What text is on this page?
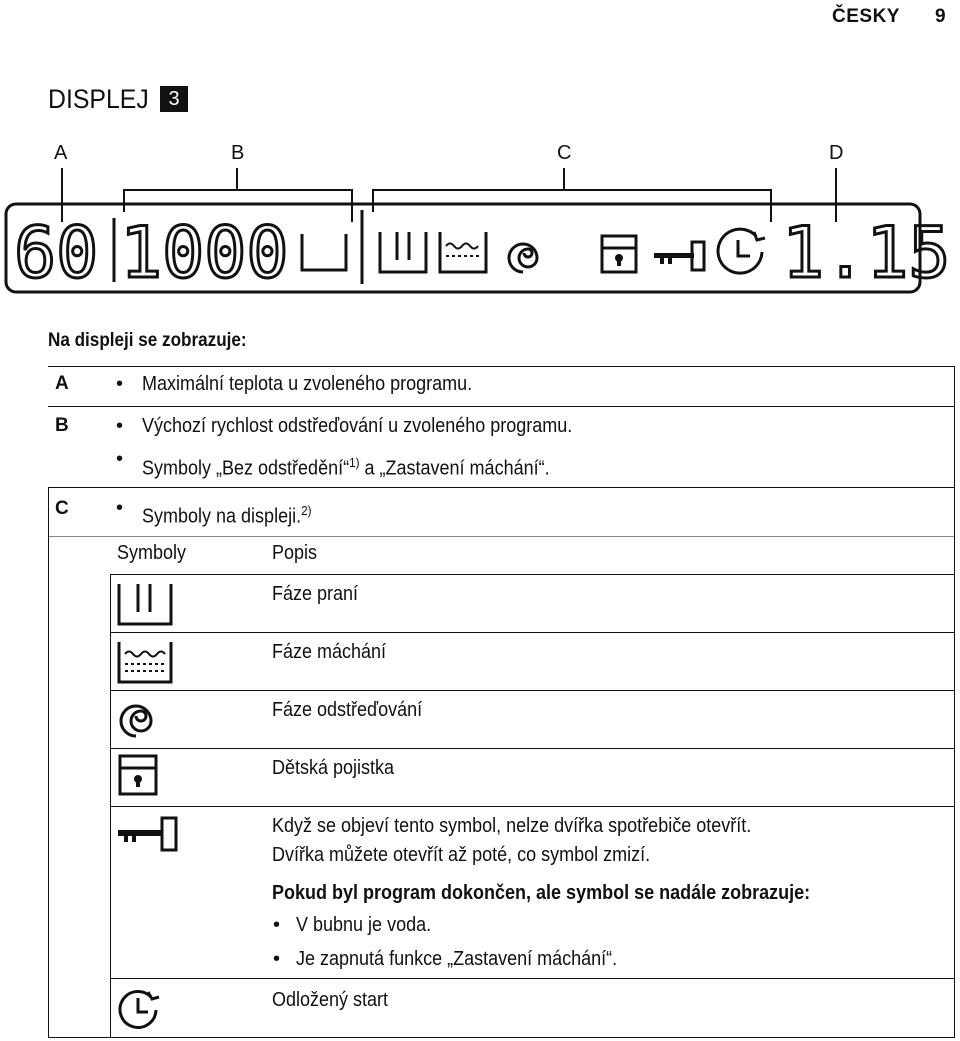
ČESKY 9
DISPLEJ 3
A	B	C	D
60 1000	1.15
Na displeji se zobrazuje:
A • Maximální teplota u zvoleného programu.
B • Výchozí rychlost odstřeďování u zvoleného programu.
• Symboly „Bez odstředění“$^{1)}$ a „Zastavení máchání“.
C • Symboly na displeji.$^{2)}$
Symboly	Popis
Fáze praní
Fáze máchání
Fáze odstřeďování
Dětská pojistka
Když se objeví tento symbol, nelze dvířka spotřebiče otevřít.
Dvířka můžete otevřít až poté, co symbol zmizí.
Pokud byl program dokončen, ale symbol se nadále zobrazuje:
• V bubnu je voda.
• Je zapnutá funkce „Zastavení máchání“.
Odložený start
